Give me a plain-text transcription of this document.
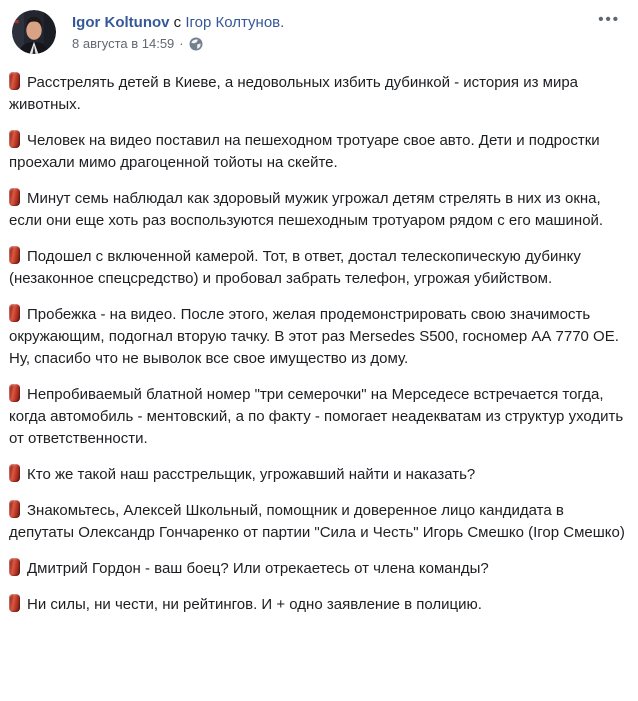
Igor Koltunov с Ігор Колтунов.
8 августа в 14:59 ·
•••

Расстрелять детей в Киеве, а недовольных избить дубинкой - история из мира животных.

Человек на видео поставил на пешеходном тротуаре свое авто. Дети и подростки проехали мимо драгоценной тойоты на скейте.

Минут семь наблюдал как здоровый мужик угрожал детям стрелять в них из окна, если они еще хоть раз воспользуются пешеходным тротуаром рядом с его машиной.

Подошел с включенной камерой. Тот, в ответ, достал телескопическую дубинку (незаконное спецсредство) и пробовал забрать телефон, угрожая убийством.

Пробежка - на видео. После этого, желая продемонстрировать свою значимость окружающим, подогнал вторую тачку. В этот раз Mersedes S500, госномер АА 7770 ОЕ. Ну, спасибо что не выволок все свое имущество из дому.

Непробиваемый блатной номер "три семерочки" на Мерседесе встречается тогда, когда автомобиль - ментовский, а по факту - помогает неадекватам из структур уходить от ответственности.

Кто же такой наш расстрельщик, угрожавший найти и наказать?

Знакомьтесь, Алексей Школьный, помощник и доверенное лицо кандидата в депутаты Олександр Гончаренко от партии "Сила и Честь" Игорь Смешко (Ігор Смешко)

Дмитрий Гордон - ваш боец? Или отрекаетесь от члена команды?

Ни силы, ни чести, ни рейтингов. И + одно заявление в полицию.
